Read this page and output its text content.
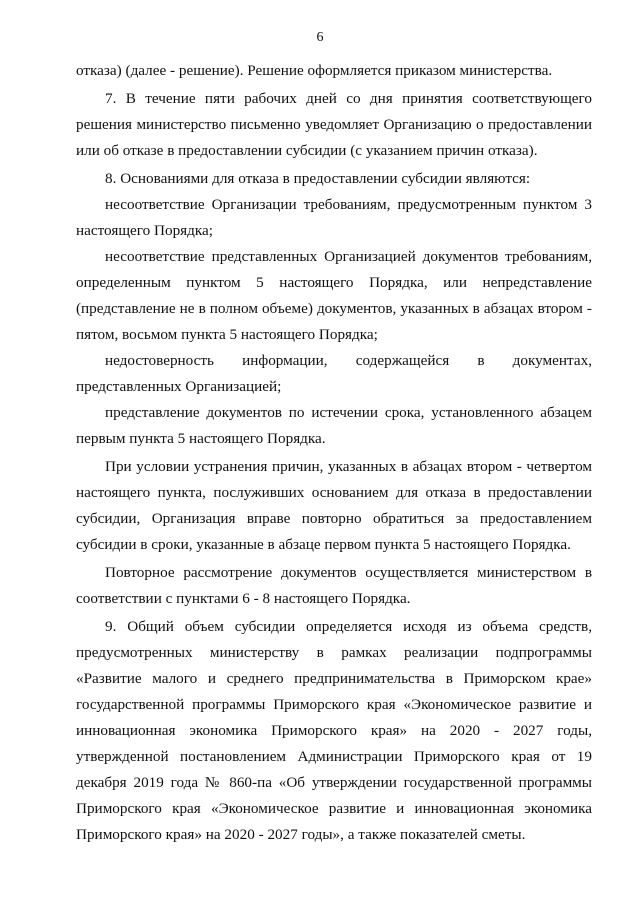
6

отказа) (далее - решение). Решение оформляется приказом министерства.

7. В течение пяти рабочих дней со дня принятия соответствующего решения министерство письменно уведомляет Организацию о предоставлении или об отказе в предоставлении субсидии (с указанием причин отказа).

8. Основаниями для отказа в предоставлении субсидии являются:

несоответствие Организации требованиям, предусмотренным пунктом 3 настоящего Порядка;

несоответствие представленных Организацией документов требованиям, определенным пунктом 5 настоящего Порядка, или непредставление (представление не в полном объеме) документов, указанных в абзацах втором - пятом, восьмом пункта 5 настоящего Порядка;

недостоверность информации, содержащейся в документах, представленных Организацией;

представление документов по истечении срока, установленного абзацем первым пункта 5 настоящего Порядка.

При условии устранения причин, указанных в абзацах втором - четвертом настоящего пункта, послуживших основанием для отказа в предоставлении субсидии, Организация вправе повторно обратиться за предоставлением субсидии в сроки, указанные в абзаце первом пункта 5 настоящего Порядка.

Повторное рассмотрение документов осуществляется министерством в соответствии с пунктами 6 - 8 настоящего Порядка.

9. Общий объем субсидии определяется исходя из объема средств, предусмотренных министерству в рамках реализации подпрограммы «Развитие малого и среднего предпринимательства в Приморском крае» государственной программы Приморского края «Экономическое развитие и инновационная экономика Приморского края» на 2020 - 2027 годы, утвержденной постановлением Администрации Приморского края от 19 декабря 2019 года № 860-па «Об утверждении государственной программы Приморского края «Экономическое развитие и инновационная экономика Приморского края» на 2020 - 2027 годы», а также показателей сметы.
